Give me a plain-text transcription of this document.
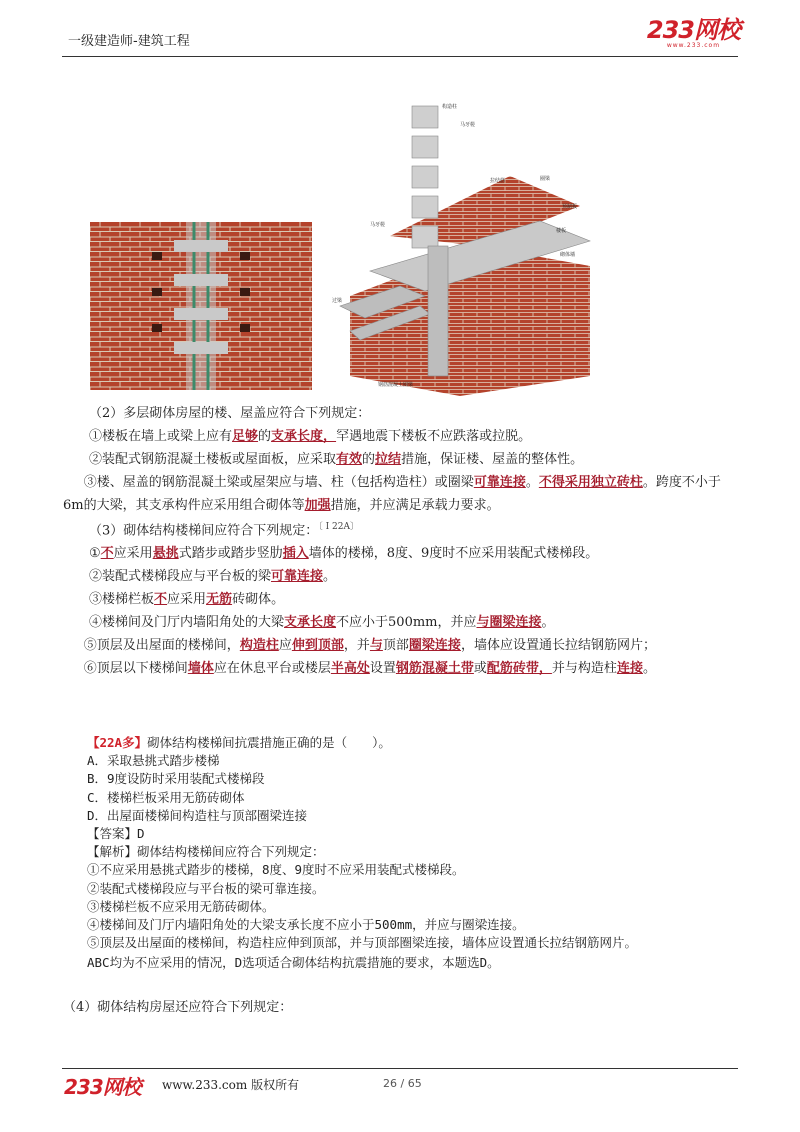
一级建造师-建筑工程	233网校
www.233.com
构造柱
马牙槎
拉结筋	圈梁
预制板
楼板
过梁
马牙槎
砌体墙
钢筋混凝土圈梁

（2）多层砌体房屋的楼、屋盖应符合下列规定：

①楼板在墙上或梁上应有足够的支承长度，罕遇地震下楼板不应跌落或拉脱。

②装配式钢筋混凝土楼板或屋面板，应采取有效的拉结措施，保证楼、屋盖的整体性。

③楼、屋盖的钢筋混凝土梁或屋架应与墙、柱（包括构造柱）或圈梁可靠连接。不得采用独立砖柱。跨度不小于6m的大梁，其支承构件应采用组合砌体等加强措施，并应满足承载力要求。

（3）砌体结构楼梯间应符合下列规定：$^{〔 I 22A〕}$

①不应采用悬挑式踏步或踏步竖肋插入墙体的楼梯，8度、9度时不应采用装配式楼梯段。

②装配式楼梯段应与平台板的梁可靠连接。

③楼梯栏板不应采用无筋砖砌体。

④楼梯间及门厅内墙阳角处的大梁支承长度不应小于500mm，并应与圈梁连接。

⑤顶层及出屋面的楼梯间，构造柱应伸到顶部，并与顶部圈梁连接，墙体应设置通长拉结钢筋网片；

⑥顶层以下楼梯间墙体应在休息平台或楼层半高处设置钢筋混凝土带或配筋砖带，并与构造柱连接。

【22A多】砌体结构楼梯间抗震措施正确的是（　　）。
A．采取悬挑式踏步楼梯
B．9度设防时采用装配式楼梯段
C．楼梯栏板采用无筋砖砌体
D．出屋面楼梯间构造柱与顶部圈梁连接
【答案】D
【解析】砌体结构楼梯间应符合下列规定：
①不应采用悬挑式踏步的楼梯，8度、9度时不应采用装配式楼梯段。
②装配式楼梯段应与平台板的梁可靠连接。
③楼梯栏板不应采用无筋砖砌体。
④楼梯间及门厅内墙阳角处的大梁支承长度不应小于500mm，并应与圈梁连接。
⑤顶层及出屋面的楼梯间，构造柱应伸到顶部，并与顶部圈梁连接，墙体应设置通长拉结钢筋网片。
ABC均为不应采用的情况，D选项适合砌体结构抗震措施的要求，本题选D。
（4）砌体结构房屋还应符合下列规定：
233网校 www.233.com 版权所有	26 / 65
